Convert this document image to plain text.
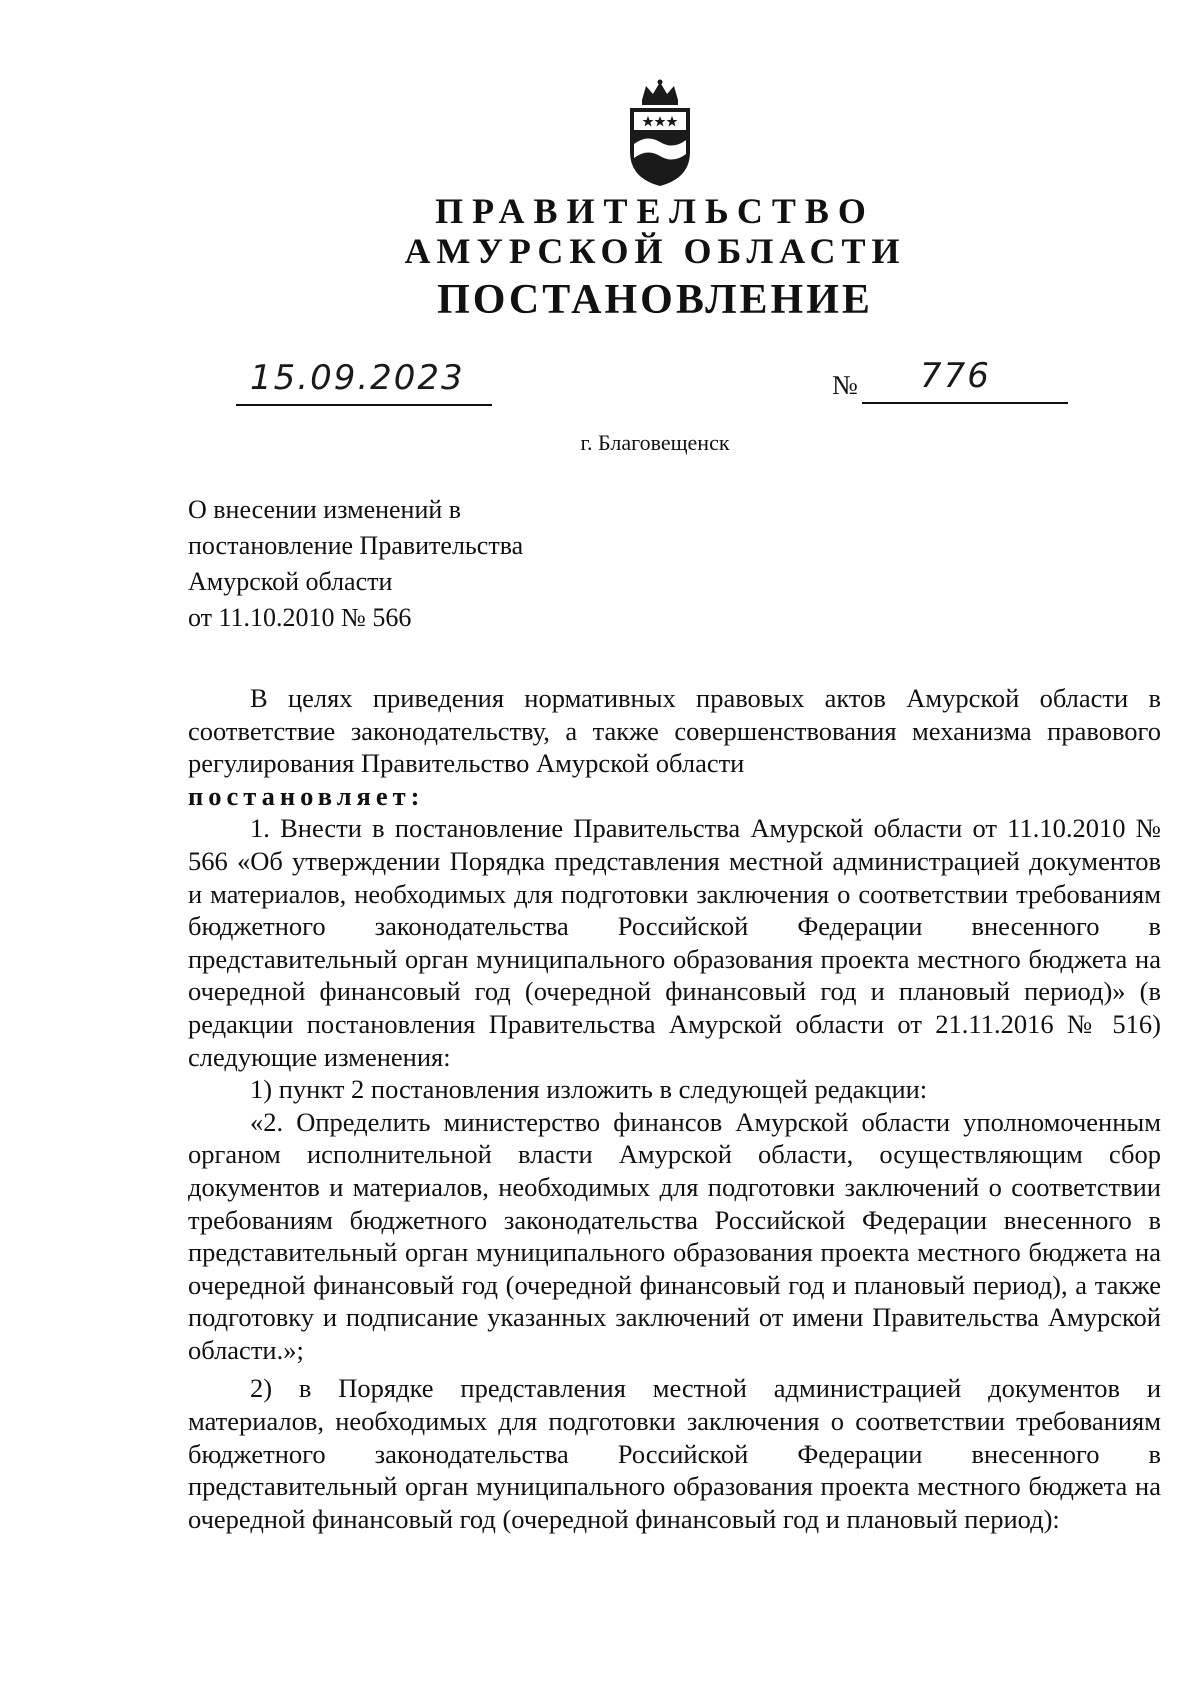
ПРАВИТЕЛЬСТВО
АМУРСКОЙ ОБЛАСТИ
ПОСТАНОВЛЕНИЕ
15.09.2023	№ 776
г. Благовещенск
О внесении изменений в
постановление Правительства
Амурской области
от 11.10.2010 № 566

В целях приведения нормативных правовых актов Амурской области в соответствие законодательству, а также совершенствования механизма правового регулирования Правительство Амурской области

постановляет:

1. Внести в постановление Правительства Амурской области от 11.10.2010 № 566 «Об утверждении Порядка представления местной администрацией документов и материалов, необходимых для подготовки заключения о соответствии требованиям бюджетного законодательства Российской Федерации внесенного в представительный орган муниципального образования проекта местного бюджета на очередной финансовый год (очередной финансовый год и плановый период)» (в редакции постановления Правительства Амурской области от 21.11.2016 № 516) следующие изменения:

1) пункт 2 постановления изложить в следующей редакции:

«2. Определить министерство финансов Амурской области уполномоченным органом исполнительной власти Амурской области, осуществляющим сбор документов и материалов, необходимых для подготовки заключений о соответствии требованиям бюджетного законодательства Российской Федерации внесенного в представительный орган муниципального образования проекта местного бюджета на очередной финансовый год (очередной финансовый год и плановый период), а также подготовку и подписание указанных заключений от имени Правительства Амурской области.»;

2) в Порядке представления местной администрацией документов и материалов, необходимых для подготовки заключения о соответствии требованиям бюджетного законодательства Российской Федерации внесенного в представительный орган муниципального образования проекта местного бюджета на очередной финансовый год (очередной финансовый год и плановый период):
